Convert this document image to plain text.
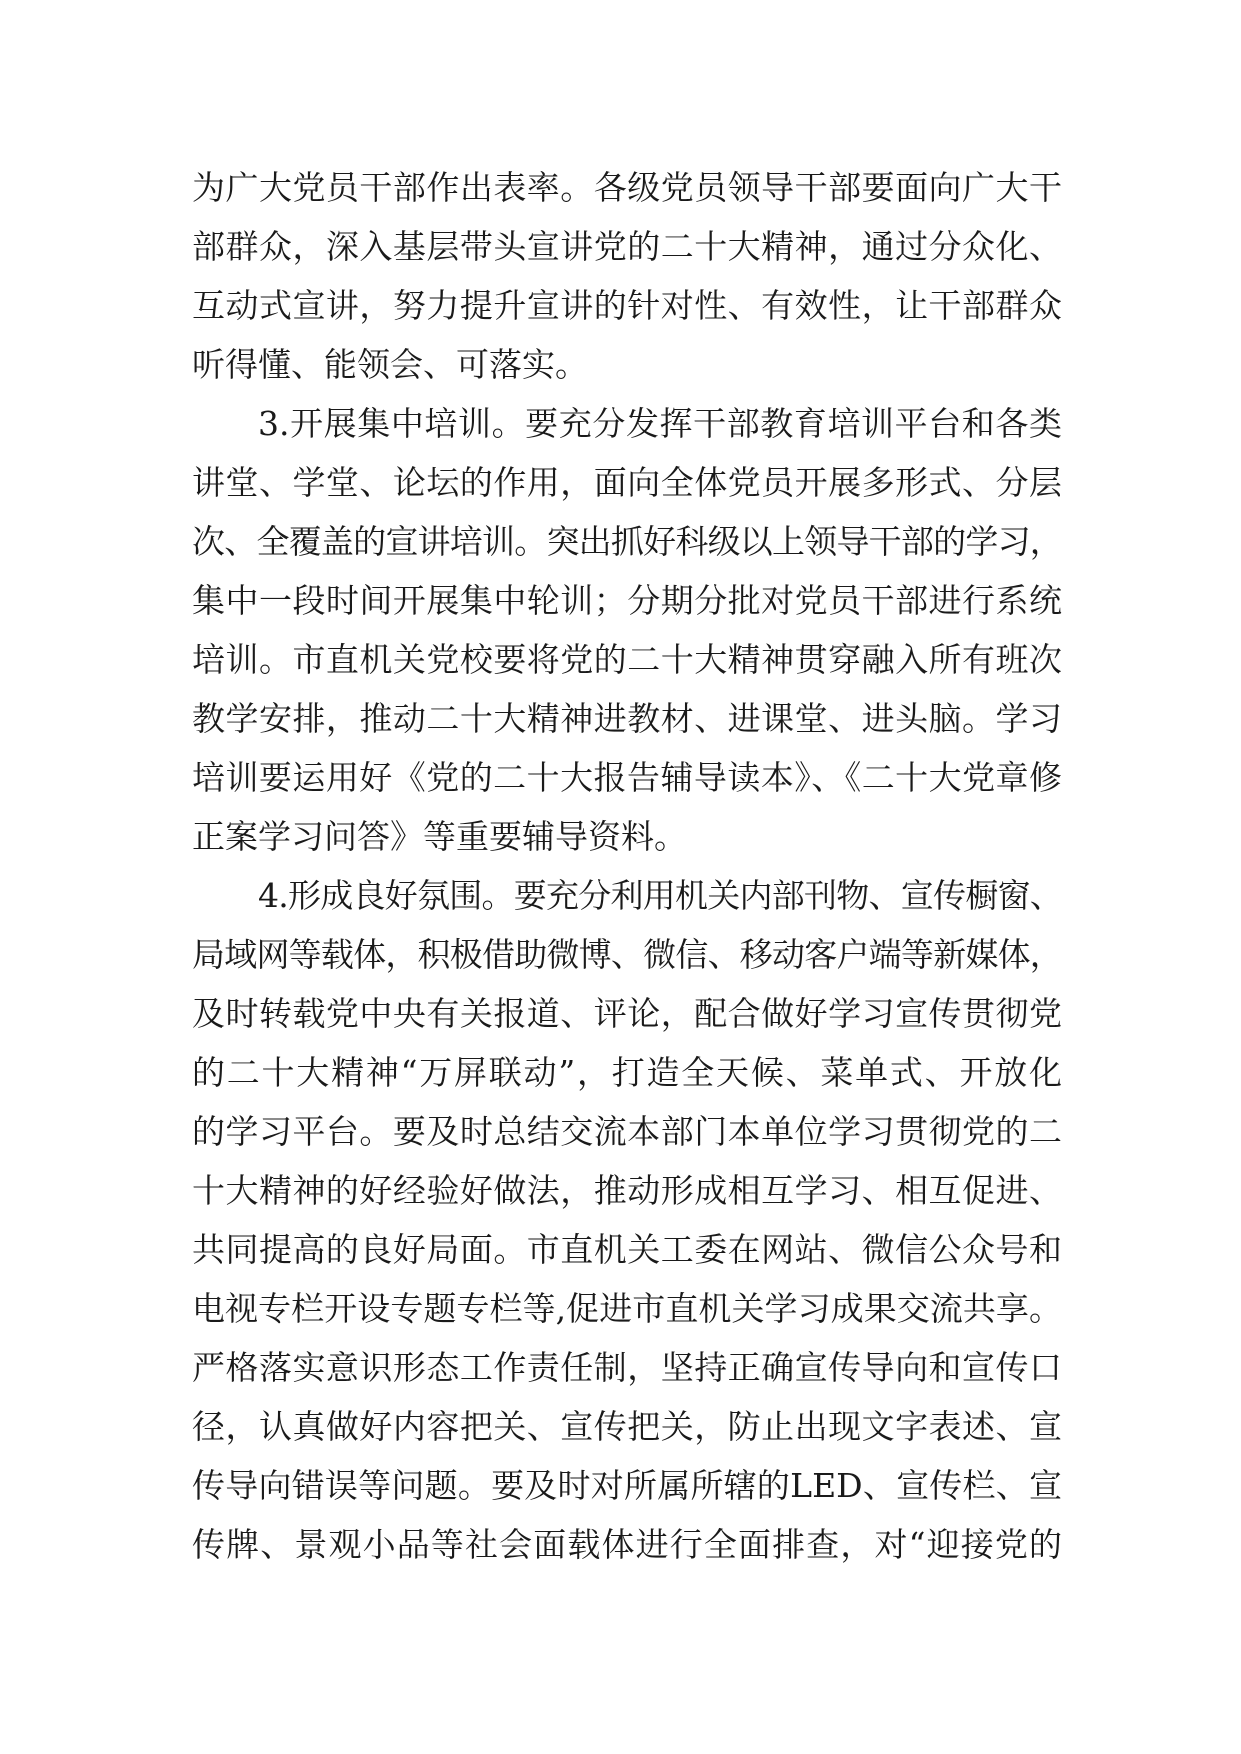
为广大党员干部作出表率。各级党员领导干部要面向广大干
部群众，深入基层带头宣讲党的二十大精神，通过分众化、
互动式宣讲，努力提升宣讲的针对性、有效性，让干部群众
听得懂、能领会、可落实。
3.开展集中培训。要充分发挥干部教育培训平台和各类
讲堂、学堂、论坛的作用，面向全体党员开展多形式、分层
次、全覆盖的宣讲培训。突出抓好科级以上领导干部的学习，
集中一段时间开展集中轮训；分期分批对党员干部进行系统
培训。市直机关党校要将党的二十大精神贯穿融入所有班次
教学安排，推动二十大精神进教材、进课堂、进头脑。学习
培训要运用好《党的二十大报告辅导读本》、《二十大党章修
正案学习问答》等重要辅导资料。
4.形成良好氛围。要充分利用机关内部刊物、宣传橱窗、
局域网等载体，积极借助微博、微信、移动客户端等新媒体，
及时转载党中央有关报道、评论，配合做好学习宣传贯彻党
的二十大精神“万屏联动”，打造全天候、菜单式、开放化
的学习平台。要及时总结交流本部门本单位学习贯彻党的二
十大精神的好经验好做法，推动形成相互学习、相互促进、
共同提高的良好局面。市直机关工委在网站、微信公众号和
电视专栏开设专题专栏等,促进市直机关学习成果交流共享。
严格落实意识形态工作责任制，坚持正确宣传导向和宣传口
径，认真做好内容把关、宣传把关，防止出现文字表述、宣
传导向错误等问题。要及时对所属所辖的LED、宣传栏、宣
传牌、景观小品等社会面载体进行全面排查，对“迎接党的
